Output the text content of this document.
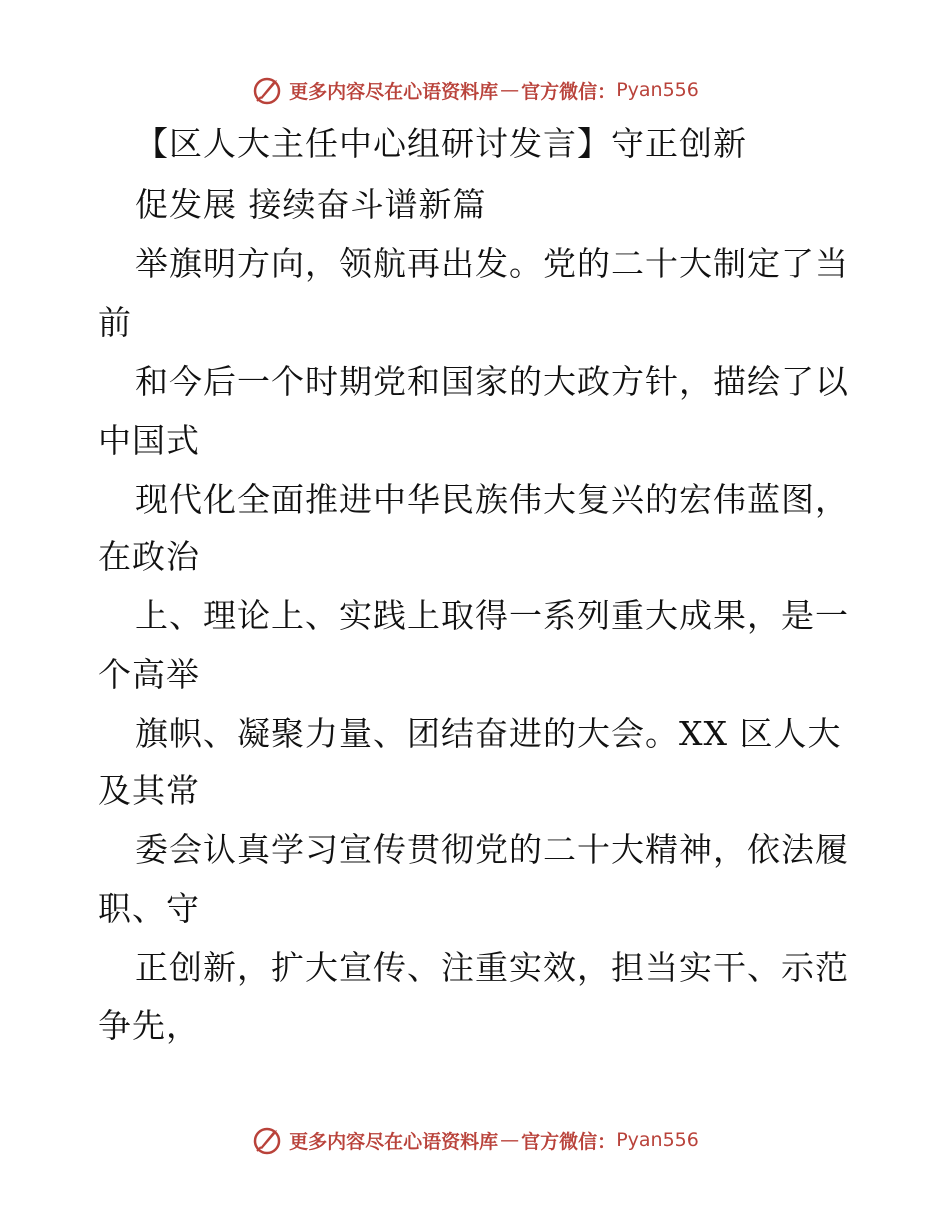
更多内容尽在心语资料库 — 官方微信： Pyan556
【区人大主任中心组研讨发言】守正创新
促发展 接续奋斗谱新篇
举旗明方向，领航再出发。党的二十大制定了当
前
和今后一个时期党和国家的大政方针，描绘了以
中国式
现代化全面推进中华民族伟大复兴的宏伟蓝图，
在政治
上、理论上、实践上取得一系列重大成果，是一
个高举
旗帜、凝聚力量、团结奋进的大会。XX 区人大
及其常
委会认真学习宣传贯彻党的二十大精神，依法履
职、守
正创新，扩大宣传、注重实效，担当实干、示范
争先，
更多内容尽在心语资料库 — 官方微信： Pyan556
